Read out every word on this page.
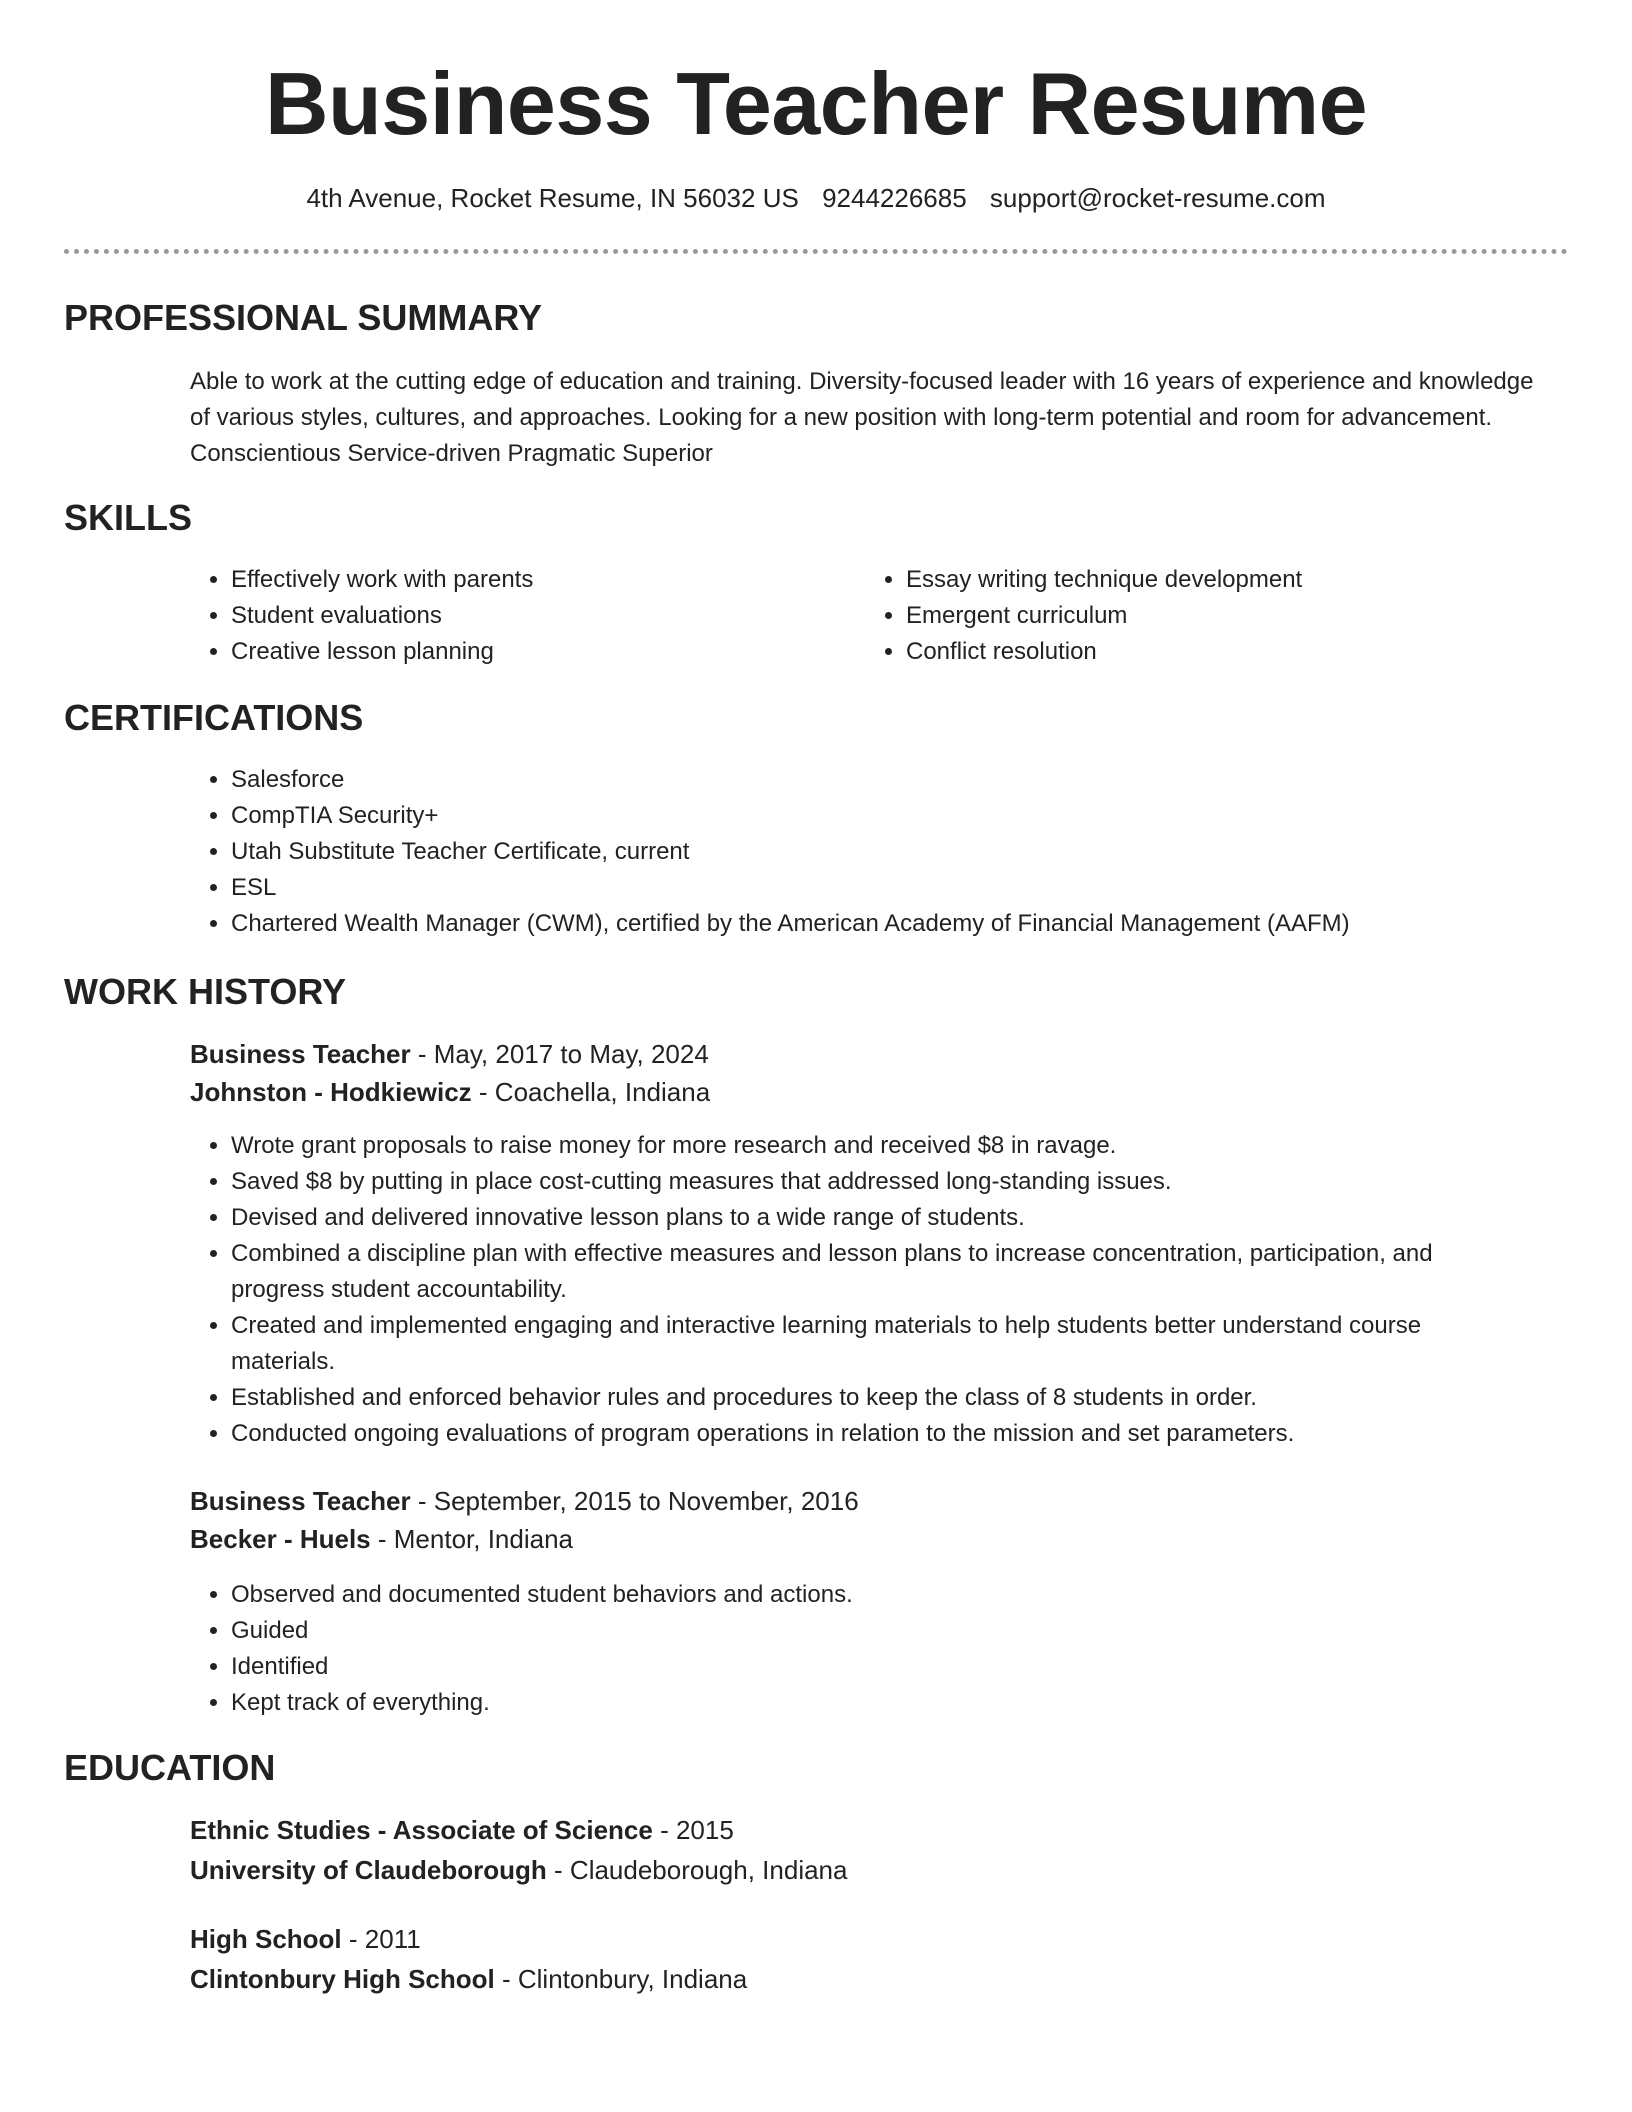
Business Teacher Resume
4th Avenue, Rocket Resume, IN 56032 US 9244226685 support@rocket-resume.com
PROFESSIONAL SUMMARY
Able to work at the cutting edge of education and training. Diversity-focused leader with 16 years of experience and knowledge of various styles, cultures, and approaches. Looking for a new position with long-term potential and room for advancement. Conscientious Service-driven Pragmatic Superior
SKILLS
• Effectively work with parents
• Student evaluations
• Creative lesson planning
• Essay writing technique development
• Emergent curriculum
• Conflict resolution
CERTIFICATIONS
• Salesforce
• CompTIA Security+
• Utah Substitute Teacher Certificate, current
• ESL
• Chartered Wealth Manager (CWM), certified by the American Academy of Financial Management (AAFM)
WORK HISTORY
Business Teacher - May, 2017 to May, 2024
Johnston - Hodkiewicz - Coachella, Indiana
• Wrote grant proposals to raise money for more research and received $8 in ravage.
• Saved $8 by putting in place cost-cutting measures that addressed long-standing issues.
• Devised and delivered innovative lesson plans to a wide range of students.
• Combined a discipline plan with effective measures and lesson plans to increase concentration, participation, and progress student accountability.
• Created and implemented engaging and interactive learning materials to help students better understand course materials.
• Established and enforced behavior rules and procedures to keep the class of 8 students in order.
• Conducted ongoing evaluations of program operations in relation to the mission and set parameters.
Business Teacher - September, 2015 to November, 2016
Becker - Huels - Mentor, Indiana
• Observed and documented student behaviors and actions.
• Guided
• Identified
• Kept track of everything.
EDUCATION
Ethnic Studies - Associate of Science - 2015
University of Claudeborough - Claudeborough, Indiana
High School - 2011
Clintonbury High School - Clintonbury, Indiana
